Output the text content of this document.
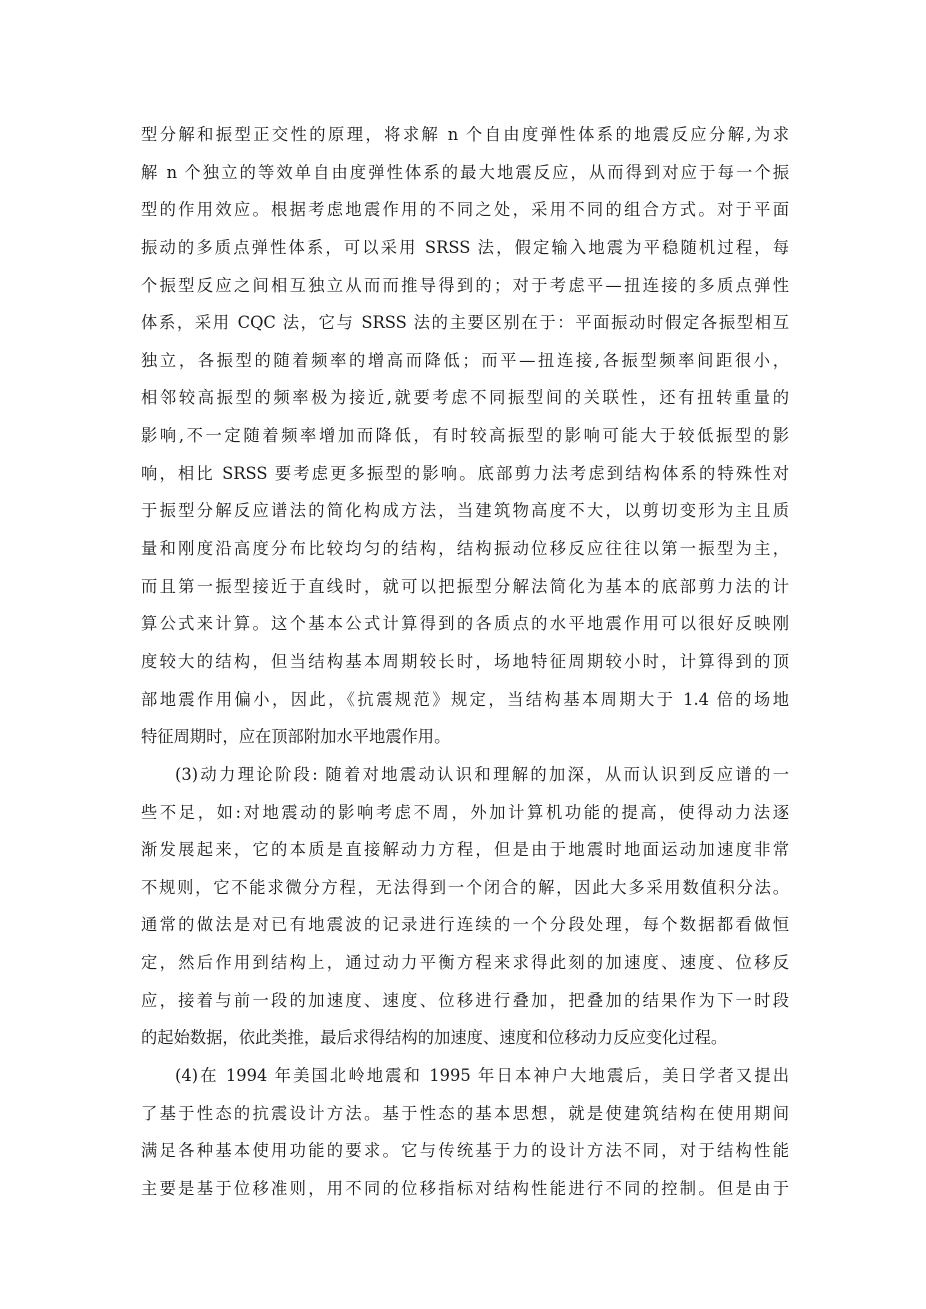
型分解和振型正交性的原理，将求解 n 个自由度弹性体系的地震反应分解,为求
解 n 个独立的等效单自由度弹性体系的最大地震反应，从而得到对应于每一个振
型的作用效应。根据考虑地震作用的不同之处，采用不同的组合方式。对于平面
振动的多质点弹性体系，可以采用 SRSS 法，假定输入地震为平稳随机过程，每
个振型反应之间相互独立从而而推导得到的；对于考虑平—扭连接的多质点弹性
体系，采用 CQC 法，它与 SRSS 法的主要区别在于：平面振动时假定各振型相互
独立，各振型的随着频率的增高而降低；而平—扭连接,各振型频率间距很小，
相邻较高振型的频率极为接近,就要考虑不同振型间的关联性，还有扭转重量的
影响,不一定随着频率增加而降低，有时较高振型的影响可能大于较低振型的影
响，相比 SRSS 要考虑更多振型的影响。底部剪力法考虑到结构体系的特殊性对
于振型分解反应谱法的简化构成方法，当建筑物高度不大，以剪切变形为主且质
量和刚度沿高度分布比较均匀的结构，结构振动位移反应往往以第一振型为主，
而且第一振型接近于直线时，就可以把振型分解法简化为基本的底部剪力法的计
算公式来计算。这个基本公式计算得到的各质点的水平地震作用可以很好反映刚
度较大的结构，但当结构基本周期较长时，场地特征周期较小时，计算得到的顶
部地震作用偏小，因此，《抗震规范》规定，当结构基本周期大于 1.4 倍的场地
特征周期时，应在顶部附加水平地震作用。
(3)动力理论阶段: 随着对地震动认识和理解的加深，从而认识到反应谱的一
些不足，如:对地震动的影响考虑不周，外加计算机功能的提高，使得动力法逐
渐发展起来，它的本质是直接解动力方程，但是由于地震时地面运动加速度非常
不规则，它不能求微分方程，无法得到一个闭合的解，因此大多采用数值积分法。
通常的做法是对已有地震波的记录进行连续的一个分段处理，每个数据都看做恒
定，然后作用到结构上，通过动力平衡方程来求得此刻的加速度、速度、位移反
应，接着与前一段的加速度、速度、位移进行叠加，把叠加的结果作为下一时段
的起始数据，依此类推，最后求得结构的加速度、速度和位移动力反应变化过程。
(4)在 1994 年美国北岭地震和 1995 年日本神户大地震后，美日学者又提出
了基于性态的抗震设计方法。基于性态的基本思想，就是使建筑结构在使用期间
满足各种基本使用功能的要求。它与传统基于力的设计方法不同，对于结构性能
主要是基于位移准则，用不同的位移指标对结构性能进行不同的控制。但是由于
